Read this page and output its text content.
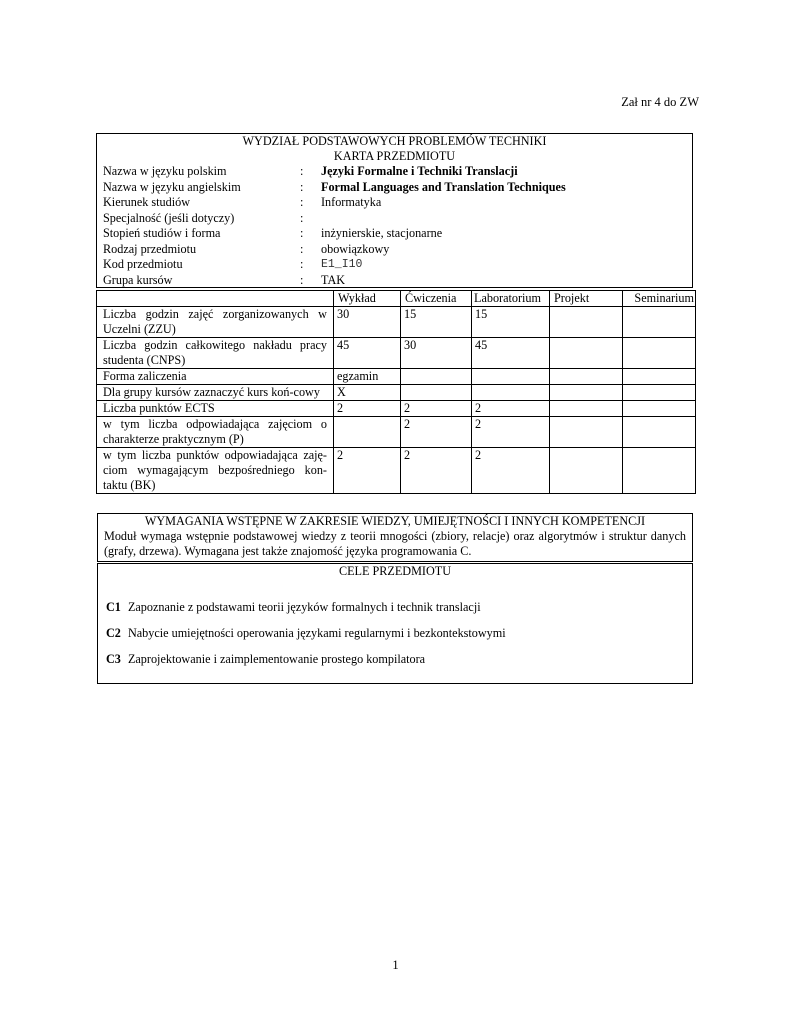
Zał nr 4 do ZW
WYDZIAŁ PODSTAWOWYCH PROBLEMÓW TECHNIKI
KARTA PRZEDMIOTU
Nazwa w języku polskim	: Języki Formalne i Techniki Translacji
Nazwa w języku angielskim	: Formal Languages and Translation Techniques
Kierunek studiów	: Informatyka
Specjalność (jeśli dotyczy)	:
Stopień studiów i forma	: inżynierskie, stacjonarne
Rodzaj przedmiotu	: obowiązkowy
Kod przedmiotu	: E1_I10
Grupa kursów	: TAK
	Wykład	Ćwiczenia	Laboratorium	Projekt	Seminarium
Liczba godzin zajęć zorganizowanych w Uczelni (ZZU)	30	15	15		
Liczba godzin całkowitego nakładu pracy studenta (CNPS)	45	30	45		
Forma zaliczenia	egzamin				
Dla grupy kursów zaznaczyć kurs koń-cowy	X				
Liczba punktów ECTS	2	2	2		
w tym liczba odpowiadająca zajęciom o charakterze praktycznym (P)		2	2		
w tym liczba punktów odpowiadająca zaję-ciom wymagającym bezpośredniego kon-taktu (BK)	2	2	2		
WYMAGANIA WSTĘPNE W ZAKRESIE WIEDZY, UMIEJĘTNOŚCI I INNYCH KOMPETENCJI
Moduł wymaga wstępnie podstawowej wiedzy z teorii mnogości (zbiory, relacje) oraz algorytmów i struktur danych (grafy, drzewa). Wymagana jest także znajomość języka programowania C.
CELE PRZEDMIOTU
C1 Zapoznanie z podstawami teorii języków formalnych i technik translacji
C2 Nabycie umiejętności operowania językami regularnymi i bezkontekstowymi
C3 Zaprojektowanie i zaimplementowanie prostego kompilatora
1
